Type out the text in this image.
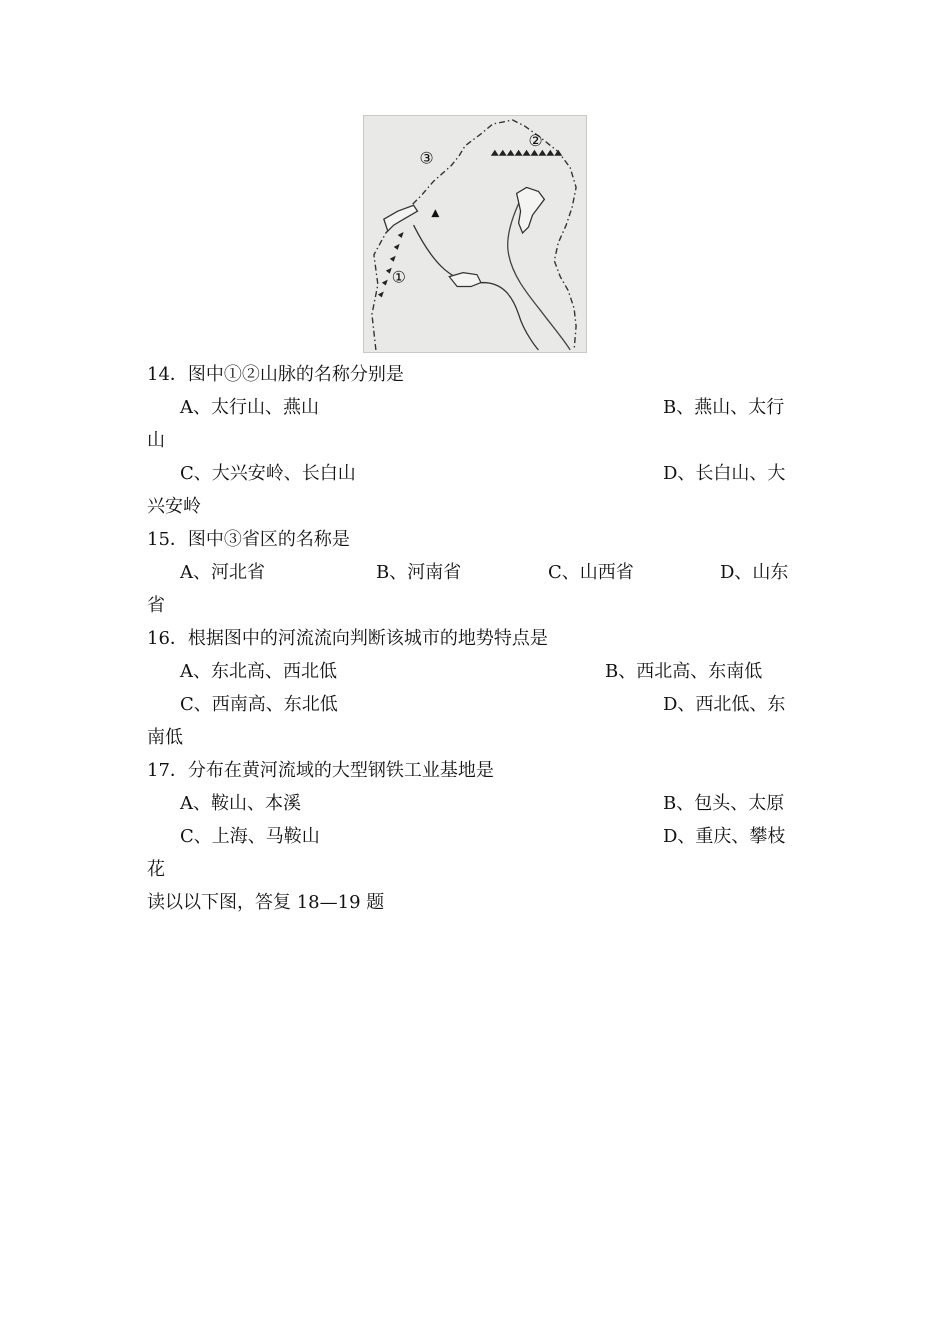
①
②
③
14．图中①②山脉的名称分别是
A、太行山、燕山	B、燕山、太行
山
C、大兴安岭、长白山	D、长白山、大
兴安岭
15．图中③省区的名称是
A、河北省	B、河南省	C、山西省	D、山东
省
16．根据图中的河流流向判断该城市的地势特点是
A、东北高、西北低	B、西北高、东南低
C、西南高、东北低	D、西北低、东
南低
17．分布在黄河流域的大型钢铁工业基地是
A、鞍山、本溪	B、包头、太原
C、上海、马鞍山	D、重庆、攀枝
花
读以以下图，答复 18—19 题
